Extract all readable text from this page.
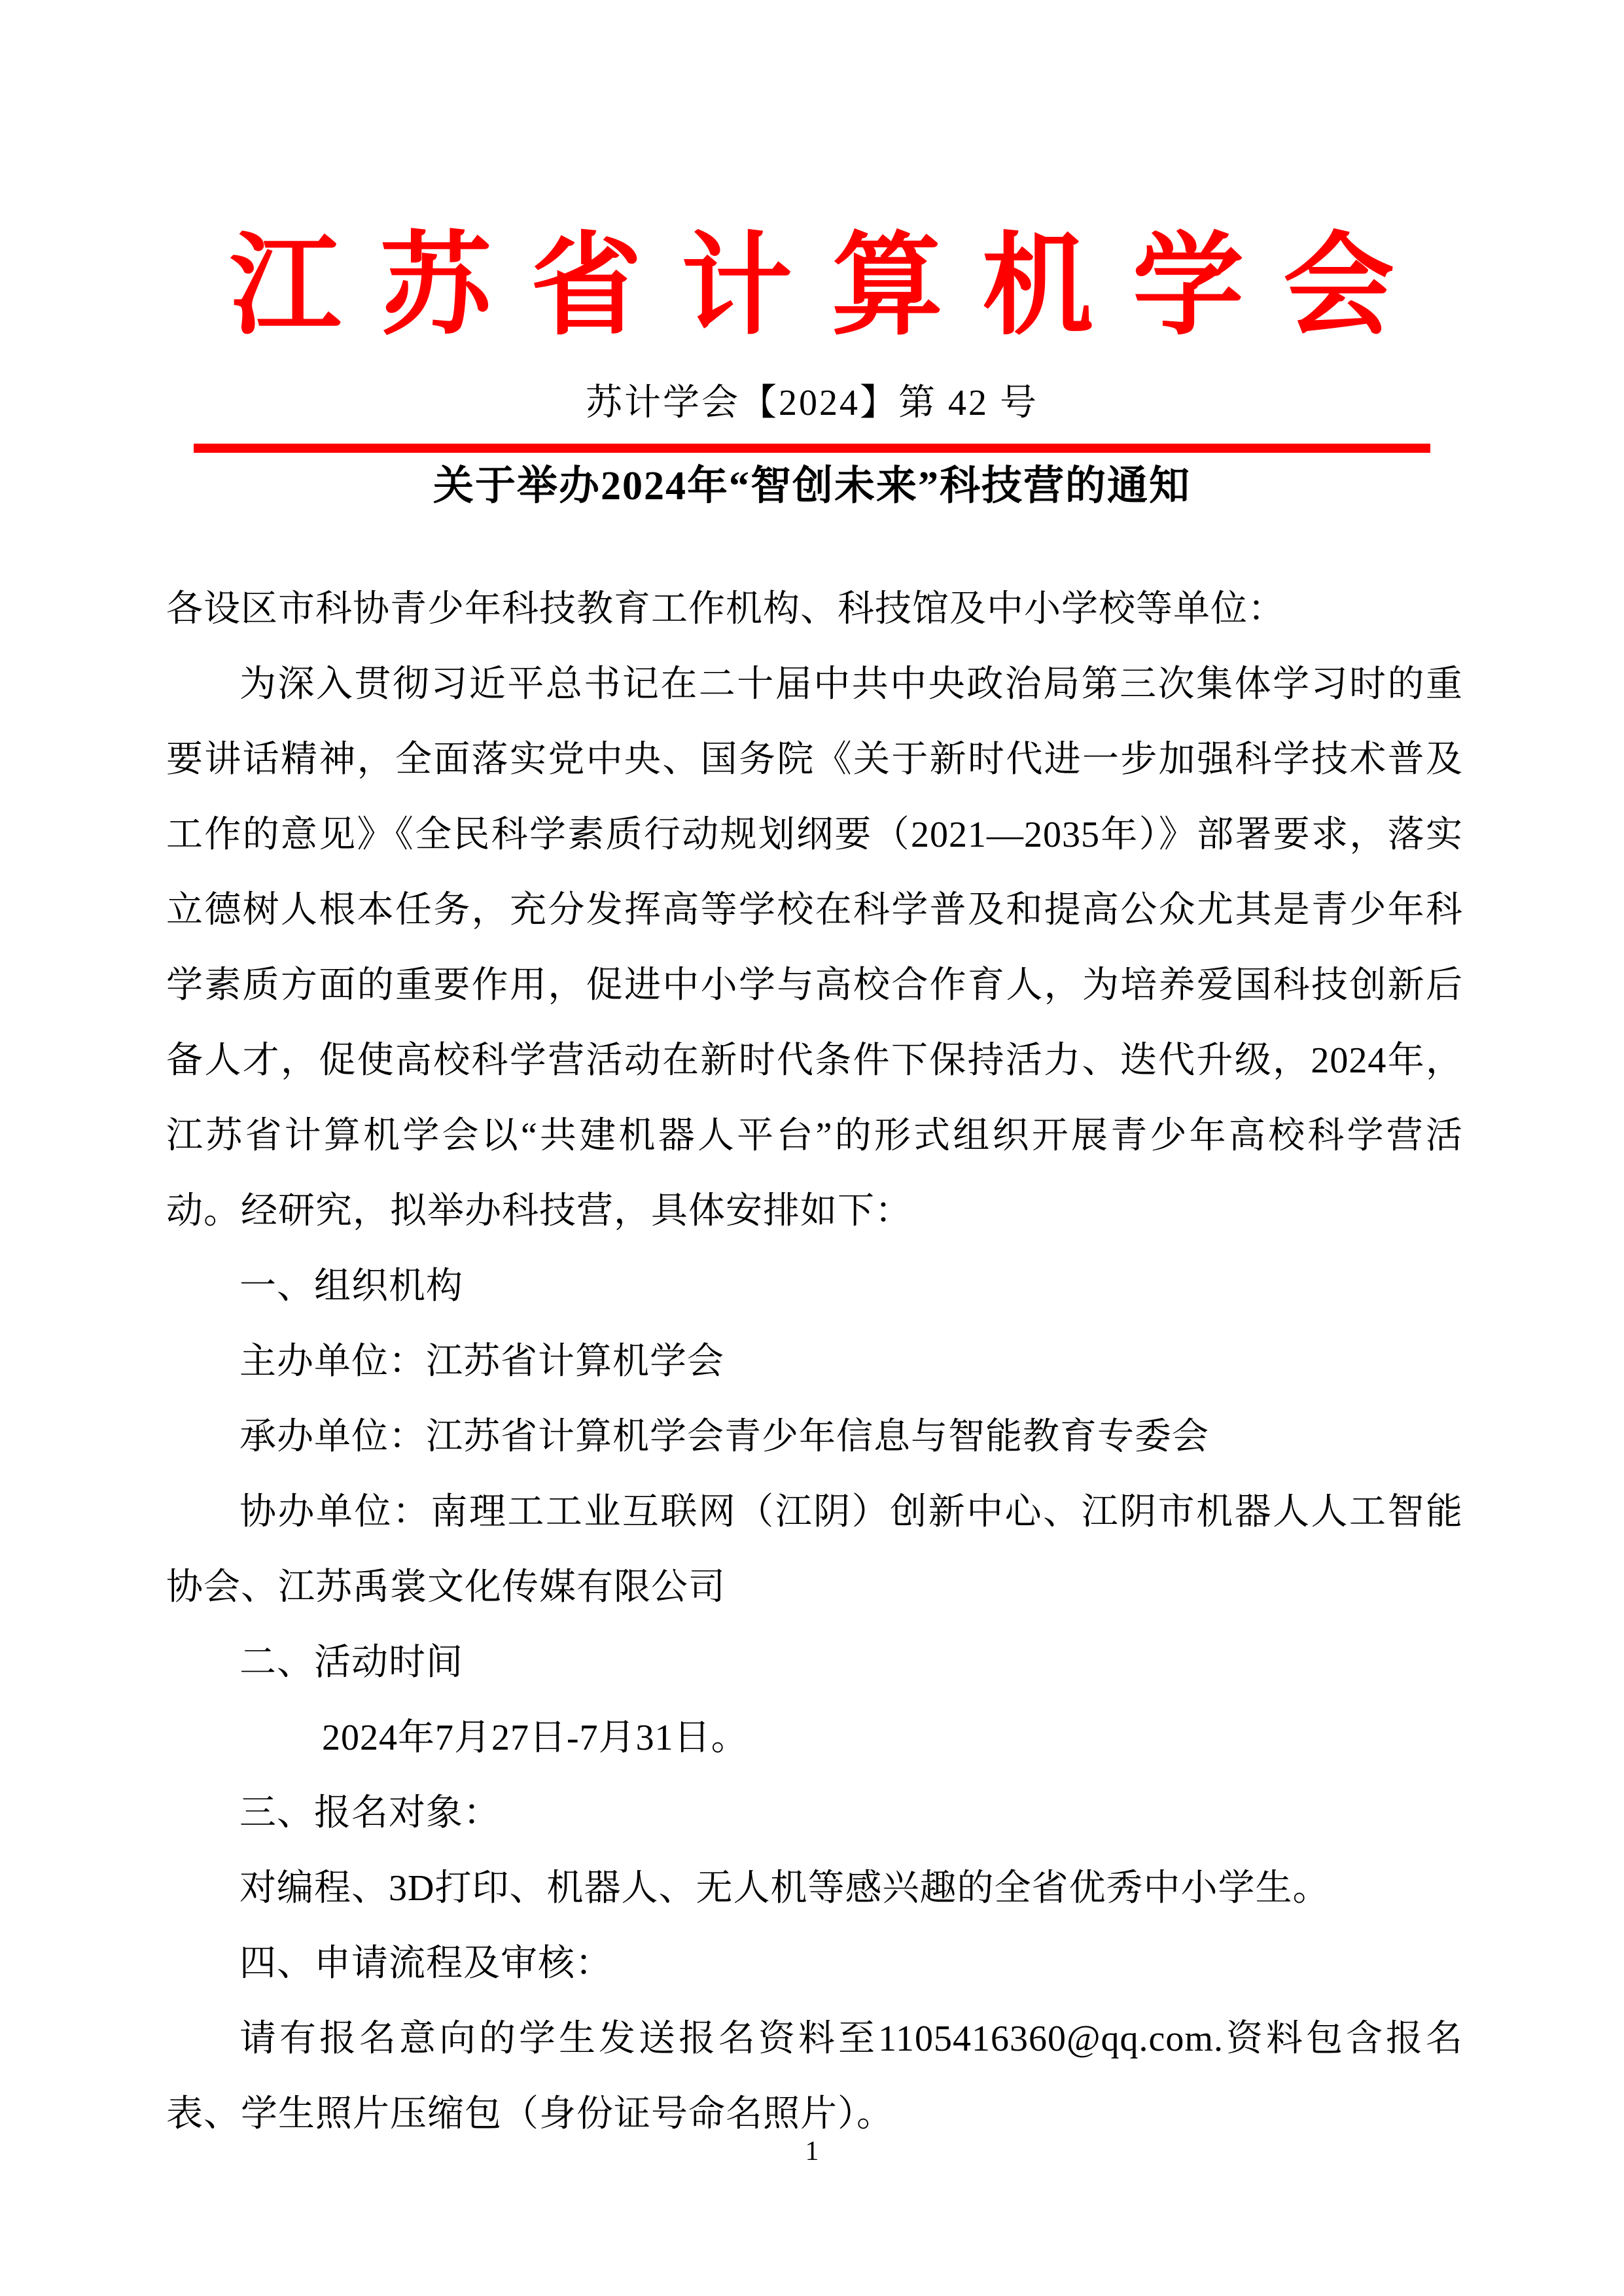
江苏省计算机学会
苏计学会【2024】第 42 号
关于举办2024年“智创未来”科技营的通知

各设区市科协青少年科技教育工作机构、科技馆及中小学校等单位：

为深入贯彻习近平总书记在二十届中共中央政治局第三次集体学习时的重要讲话精神，全面落实党中央、国务院《关于新时代进一步加强科学技术普及工作的意见》《全民科学素质行动规划纲要（2021—2035年）》部署要求，落实立德树人根本任务，充分发挥高等学校在科学普及和提高公众尤其是青少年科学素质方面的重要作用，促进中小学与高校合作育人，为培养爱国科技创新后备人才，促使高校科学营活动在新时代条件下保持活力、迭代升级，2024年，江苏省计算机学会以“共建机器人平台”的形式组织开展青少年高校科学营活动。经研究，拟举办科技营，具体安排如下：

一、组织机构

主办单位：江苏省计算机学会

承办单位：江苏省计算机学会青少年信息与智能教育专委会

协办单位：南理工工业互联网（江阴）创新中心、江阴市机器人人工智能协会、江苏禹裳文化传媒有限公司

二、活动时间

2024年7月27日-7月31日。

三、报名对象：

对编程、3D打印、机器人、无人机等感兴趣的全省优秀中小学生。

四、申请流程及审核：

请有报名意向的学生发送报名资料至1105416360@qq.com.资料包含报名表、学生照片压缩包（身份证号命名照片）。

1
